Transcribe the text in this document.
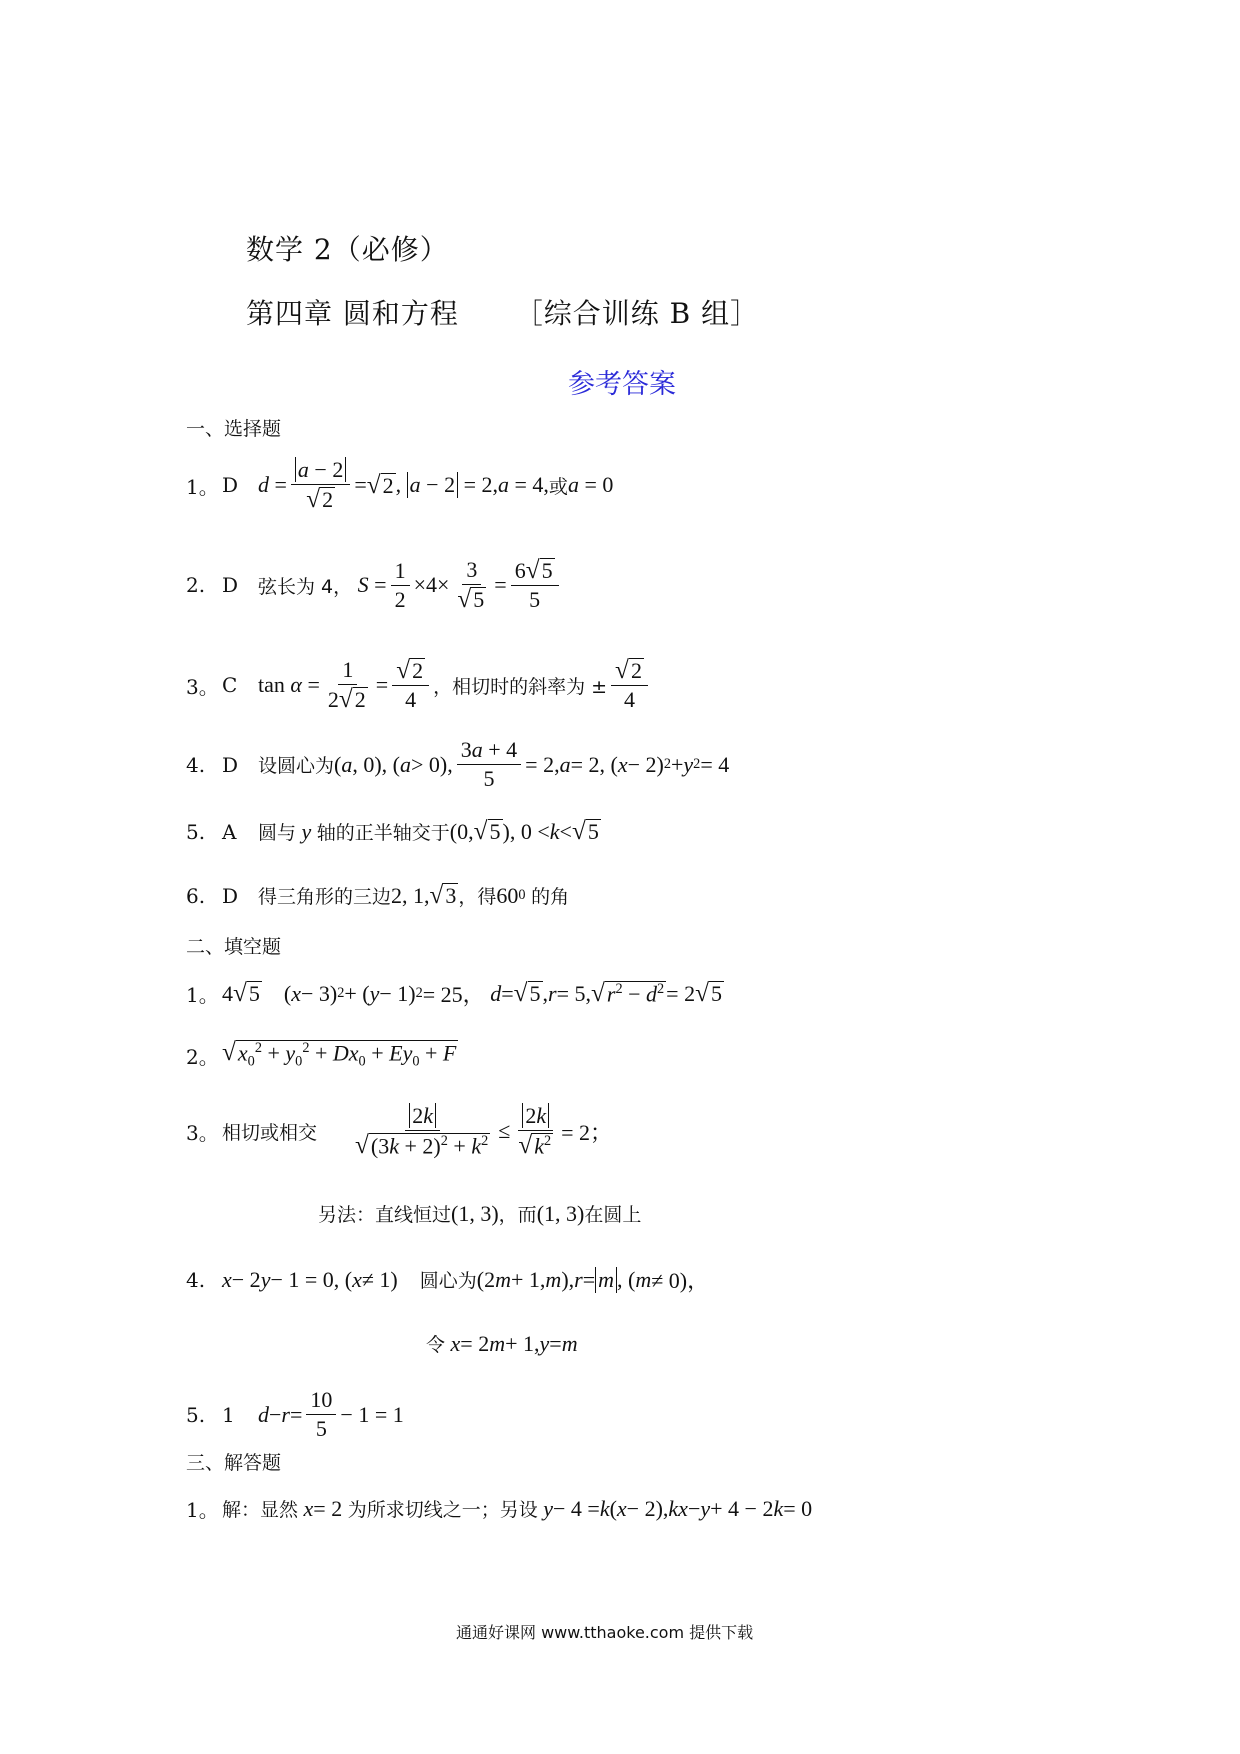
数学 2（必修）
第四章 圆和方程 ［综合训练 B 组］
参考答案
一、选择题
1。 D $d = \frac{a - 2}{√ 2}$ = √ 2 , a − 2 = 2, a = 4, 或 a = 0
2. D	弦长为 4，
$S = \frac{1}{2} \times 4\times \frac{3}{√ 5} = \frac{6 √ 5}{5}$
3。 C $\tan \alpha = \frac{1}{2 √ 2} = \frac{√ 2}{4}$ ，相切时的斜率为 ± $\frac{√ 2}{4}$
4. D	设圆心为 ( a , 0), ( a > 0), $\frac{3a + 4}{5} = 2$, a = 2, ( x − 2) 2 + y 2 = 4
5. A	圆与
y
轴的正半轴交于 (0, √ 5 ), 0 < k < √ 5
6. D	得三角形的三边 2, 1, √ 3 ，得 60 0
的角
二、填空题
1。 4 √ 5 ( x − 3) 2 + ( y − 1) 2 = 25， d = √ 5 , r = 5, √ $r^2 - d^2 = 2$ √ 5
2。 √ $x_0^2 + y_0^2 + Dx_0 + Ey_0 + F$
3。 相切或相交 $\frac{2k}{√ (3k + 2)^2 + k^2} \le \frac{2k}{√ k^2} = 2$；
另法：直线恒过 (1, 3) ，而 (1, 3) 在圆上
4. x − 2 y − 1 = 0, ( x ≠ 1) 圆心为 (2 m + 1, m ), r = m , ( m ≠ 0)，
令
x = 2 m + 1, y = m
5. 1	$d - r = \frac{10}{5} - 1 = 1$
三、解答题
1。 解：显然
x = 2 为所求切线之一；另设
y − 4 = k ( x − 2), kx − y + 4 − 2 k = 0
通通好课网 www.tthaoke.com 提供下载
